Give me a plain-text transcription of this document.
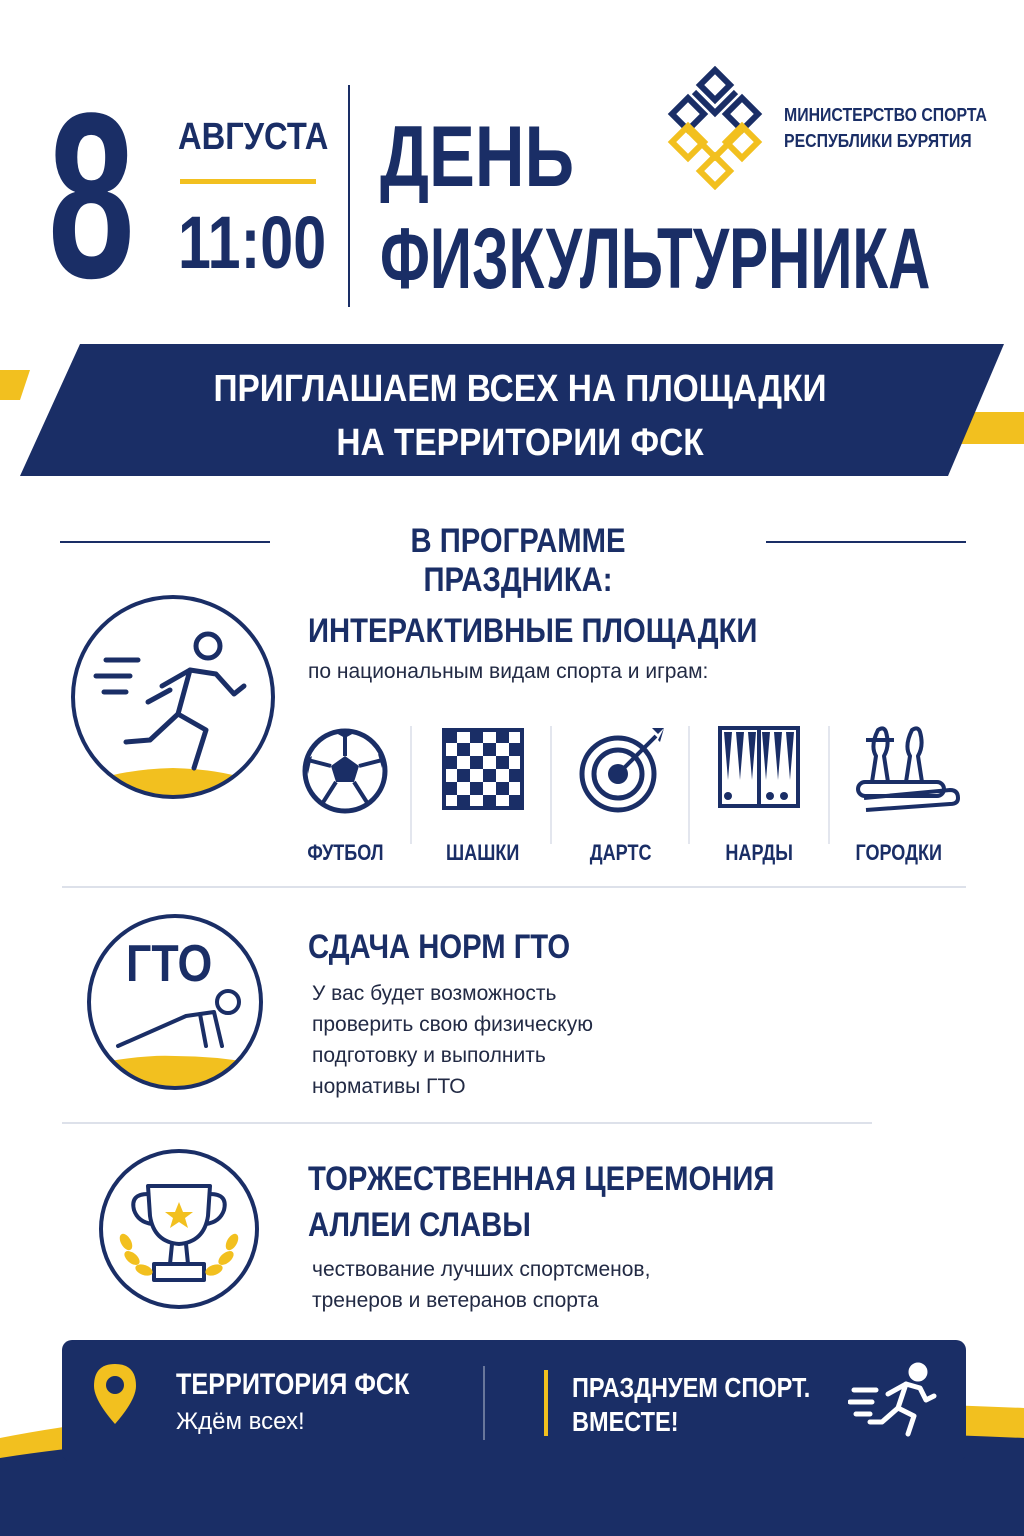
8 АВГУСТА
11:00
ДЕНЬ
ФИЗКУЛЬТУРНИКА
МИНИСТЕРСТВО СПОРТА
РЕСПУБЛИКИ БУРЯТИЯ
ПРИГЛАШАЕМ ВСЕХ НА ПЛОЩАДКИ
НА ТЕРРИТОРИИ ФСК
В ПРОГРАММЕ ПРАЗДНИКА:
ИНТЕРАКТИВНЫЕ ПЛОЩАДКИ
по национальным видам спорта и играм:
ФУТБОЛ	ШАШКИ	ДАРТС	НАРДЫ	ГОРОДКИ
ГТО	СДАЧА НОРМ ГТО
У вас будет возможность
проверить свою физическую
подготовку и выполнить
нормативы ГТО
ТОРЖЕСТВЕННАЯ ЦЕРЕМОНИЯ
АЛЛЕИ СЛАВЫ
чествование лучших спортсменов,
тренеров и ветеранов спорта
ТЕРРИТОРИЯ ФСК
Ждём всех!
ПРАЗДНУЕМ СПОРТ.
ВМЕСТЕ!
